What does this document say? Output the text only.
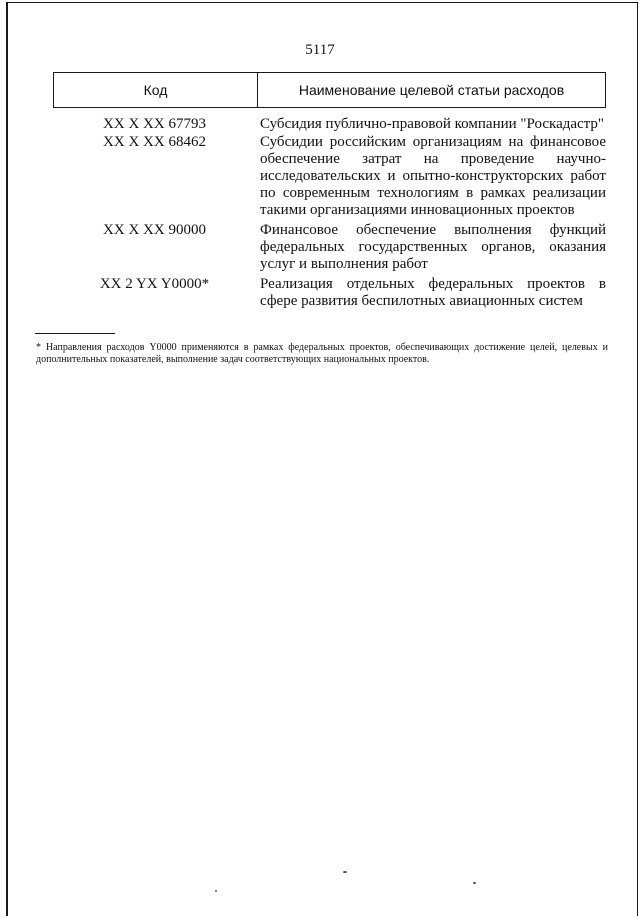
5117
Код	Наименование целевой статьи расходов
XX X XX 67793	Субсидия публично-правовой компании "Роскадастр"
XX X XX 68462	Субсидии российским организациям на финансовое обеспечение затрат на проведение научно-исследовательских и опытно-конструкторских работ по современным технологиям в рамках реализации такими организациями инновационных проектов
XX X XX 90000	Финансовое обеспечение выполнения функций федеральных государственных органов, оказания услуг и выполнения работ
XX 2 YX Y0000*	Реализация отдельных федеральных проектов в сфере развития беспилотных авиационных систем
* Направления расходов Y0000 применяются в рамках федеральных проектов, обеспечивающих достижение целей, целевых и дополнительных показателей, выполнение задач соответствующих национальных проектов.
